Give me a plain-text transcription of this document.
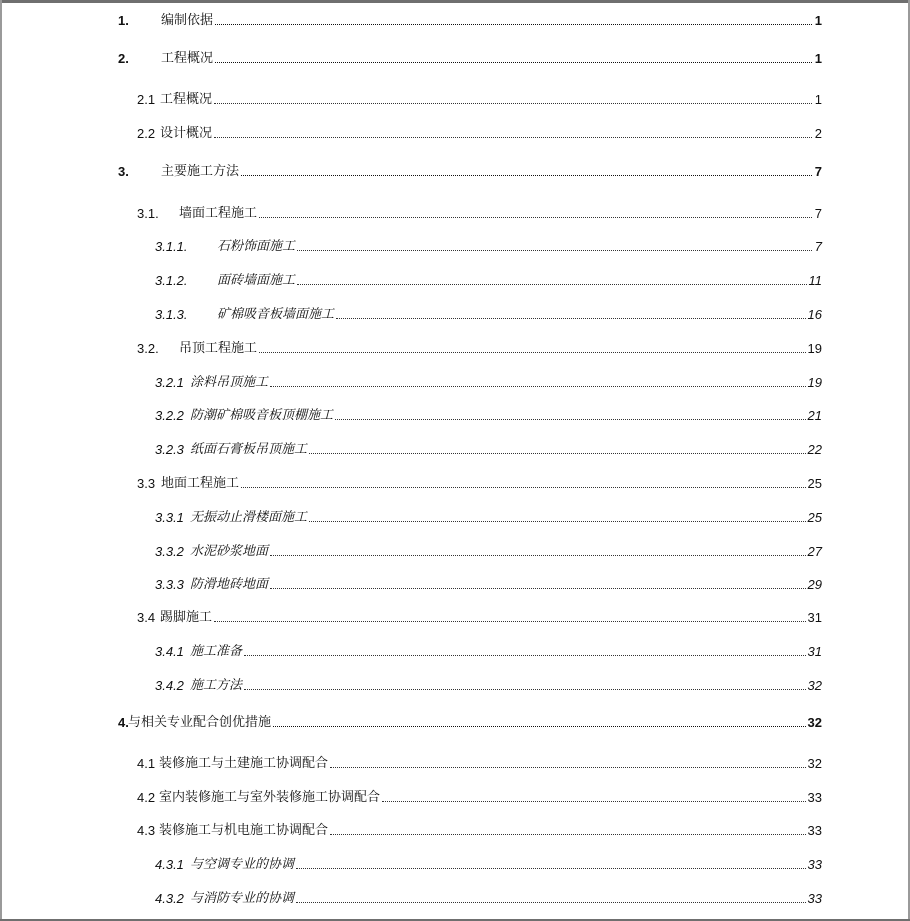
1.	编制依据	1
2.	工程概况	1
2.1 工程概况	1
2.2 设计概况	2
3.	主要施工方法	7
3.1.	墙面工程施工	7
3.1.1.	石粉饰面施工	7
3.1.2.	面砖墙面施工	11
3.1.3.	矿棉吸音板墙面施工	16
3.2.	吊顶工程施工	19
3.2.1 涂料吊顶施工	19
3.2.2 防潮矿棉吸音板顶棚施工	21
3.2.3 纸面石膏板吊顶施工	22
3.3 地面工程施工	25
3.3.1 无振动止滑楼面施工	25
3.3.2 水泥砂浆地面	27
3.3.3 防滑地砖地面	29
3.4 踢脚施工	31
3.4.1 施工准备	31
3.4.2 施工方法	32
4. 与相关专业配合创优措施	32
4.1 装修施工与土建施工协调配合	32
4.2 室内装修施工与室外装修施工协调配合	33
4.3 装修施工与机电施工协调配合	33
4.3.1 与空调专业的协调	33
4.3.2 与消防专业的协调	33
